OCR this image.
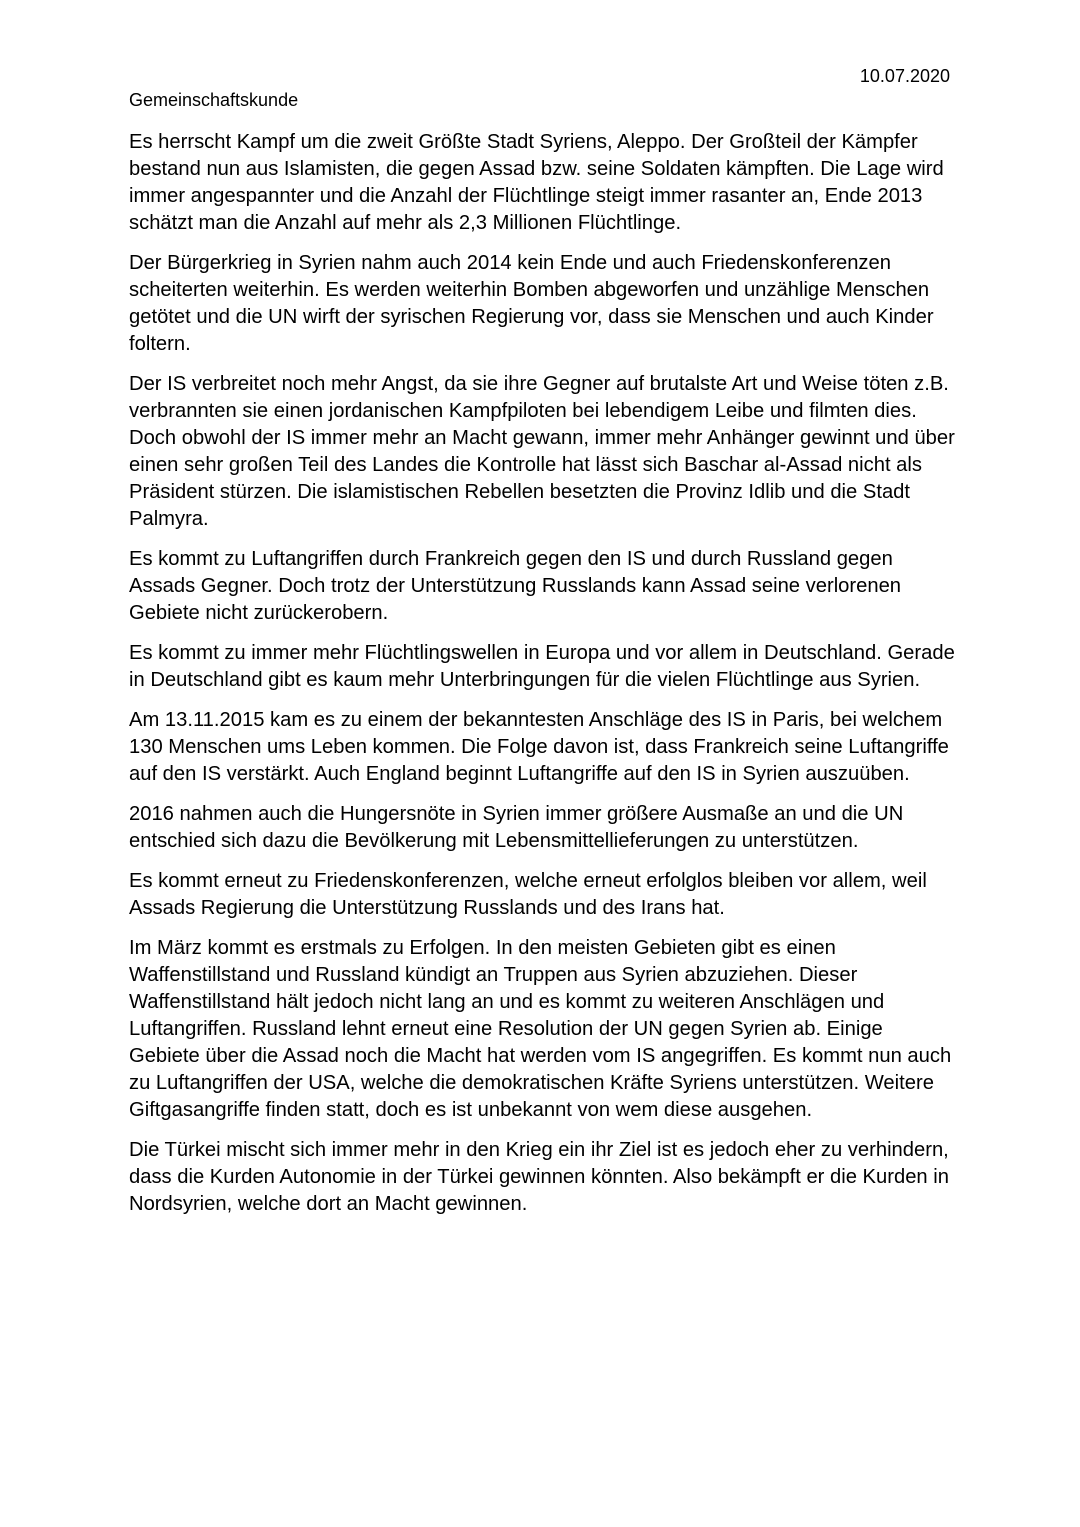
10.07.2020
Gemeinschaftskunde

Es herrscht Kampf um die zweit Größte Stadt Syriens, Aleppo. Der Großteil der Kämpfer bestand nun aus Islamisten, die gegen Assad bzw. seine Soldaten kämpften. Die Lage wird immer angespannter und die Anzahl der Flüchtlinge steigt immer rasanter an, Ende 2013 schätzt man die Anzahl auf mehr als 2,3 Millionen Flüchtlinge.

Der Bürgerkrieg in Syrien nahm auch 2014 kein Ende und auch Friedenskonferenzen scheiterten weiterhin. Es werden weiterhin Bomben abgeworfen und unzählige Menschen getötet und die UN wirft der syrischen Regierung vor, dass sie Menschen und auch Kinder foltern.

Der IS verbreitet noch mehr Angst, da sie ihre Gegner auf brutalste Art und Weise töten z.B. verbrannten sie einen jordanischen Kampfpiloten bei lebendigem Leibe und filmten dies. Doch obwohl der IS immer mehr an Macht gewann, immer mehr Anhänger gewinnt und über einen sehr großen Teil des Landes die Kontrolle hat lässt sich Baschar al-Assad nicht als Präsident stürzen. Die islamistischen Rebellen besetzten die Provinz Idlib und die Stadt Palmyra.

Es kommt zu Luftangriffen durch Frankreich gegen den IS und durch Russland gegen Assads Gegner. Doch trotz der Unterstützung Russlands kann Assad seine verlorenen Gebiete nicht zurückerobern.

Es kommt zu immer mehr Flüchtlingswellen in Europa und vor allem in Deutschland. Gerade in Deutschland gibt es kaum mehr Unterbringungen für die vielen Flüchtlinge aus Syrien.

Am 13.11.2015 kam es zu einem der bekanntesten Anschläge des IS in Paris, bei welchem 130 Menschen ums Leben kommen. Die Folge davon ist, dass Frankreich seine Luftangriffe auf den IS verstärkt. Auch England beginnt Luftangriffe auf den IS in Syrien auszuüben.

2016 nahmen auch die Hungersnöte in Syrien immer größere Ausmaße an und die UN entschied sich dazu die Bevölkerung mit Lebensmittellieferungen zu unterstützen.

Es kommt erneut zu Friedenskonferenzen, welche erneut erfolglos bleiben vor allem, weil Assads Regierung die Unterstützung Russlands und des Irans hat.

Im März kommt es erstmals zu Erfolgen. In den meisten Gebieten gibt es einen Waffenstillstand und Russland kündigt an Truppen aus Syrien abzuziehen. Dieser Waffenstillstand hält jedoch nicht lang an und es kommt zu weiteren Anschlägen und Luftangriffen. Russland lehnt erneut eine Resolution der UN gegen Syrien ab. Einige Gebiete über die Assad noch die Macht hat werden vom IS angegriffen. Es kommt nun auch zu Luftangriffen der USA, welche die demokratischen Kräfte Syriens unterstützen. Weitere Giftgasangriffe finden statt, doch es ist unbekannt von wem diese ausgehen.

Die Türkei mischt sich immer mehr in den Krieg ein ihr Ziel ist es jedoch eher zu verhindern, dass die Kurden Autonomie in der Türkei gewinnen könnten. Also bekämpft er die Kurden in Nordsyrien, welche dort an Macht gewinnen.
